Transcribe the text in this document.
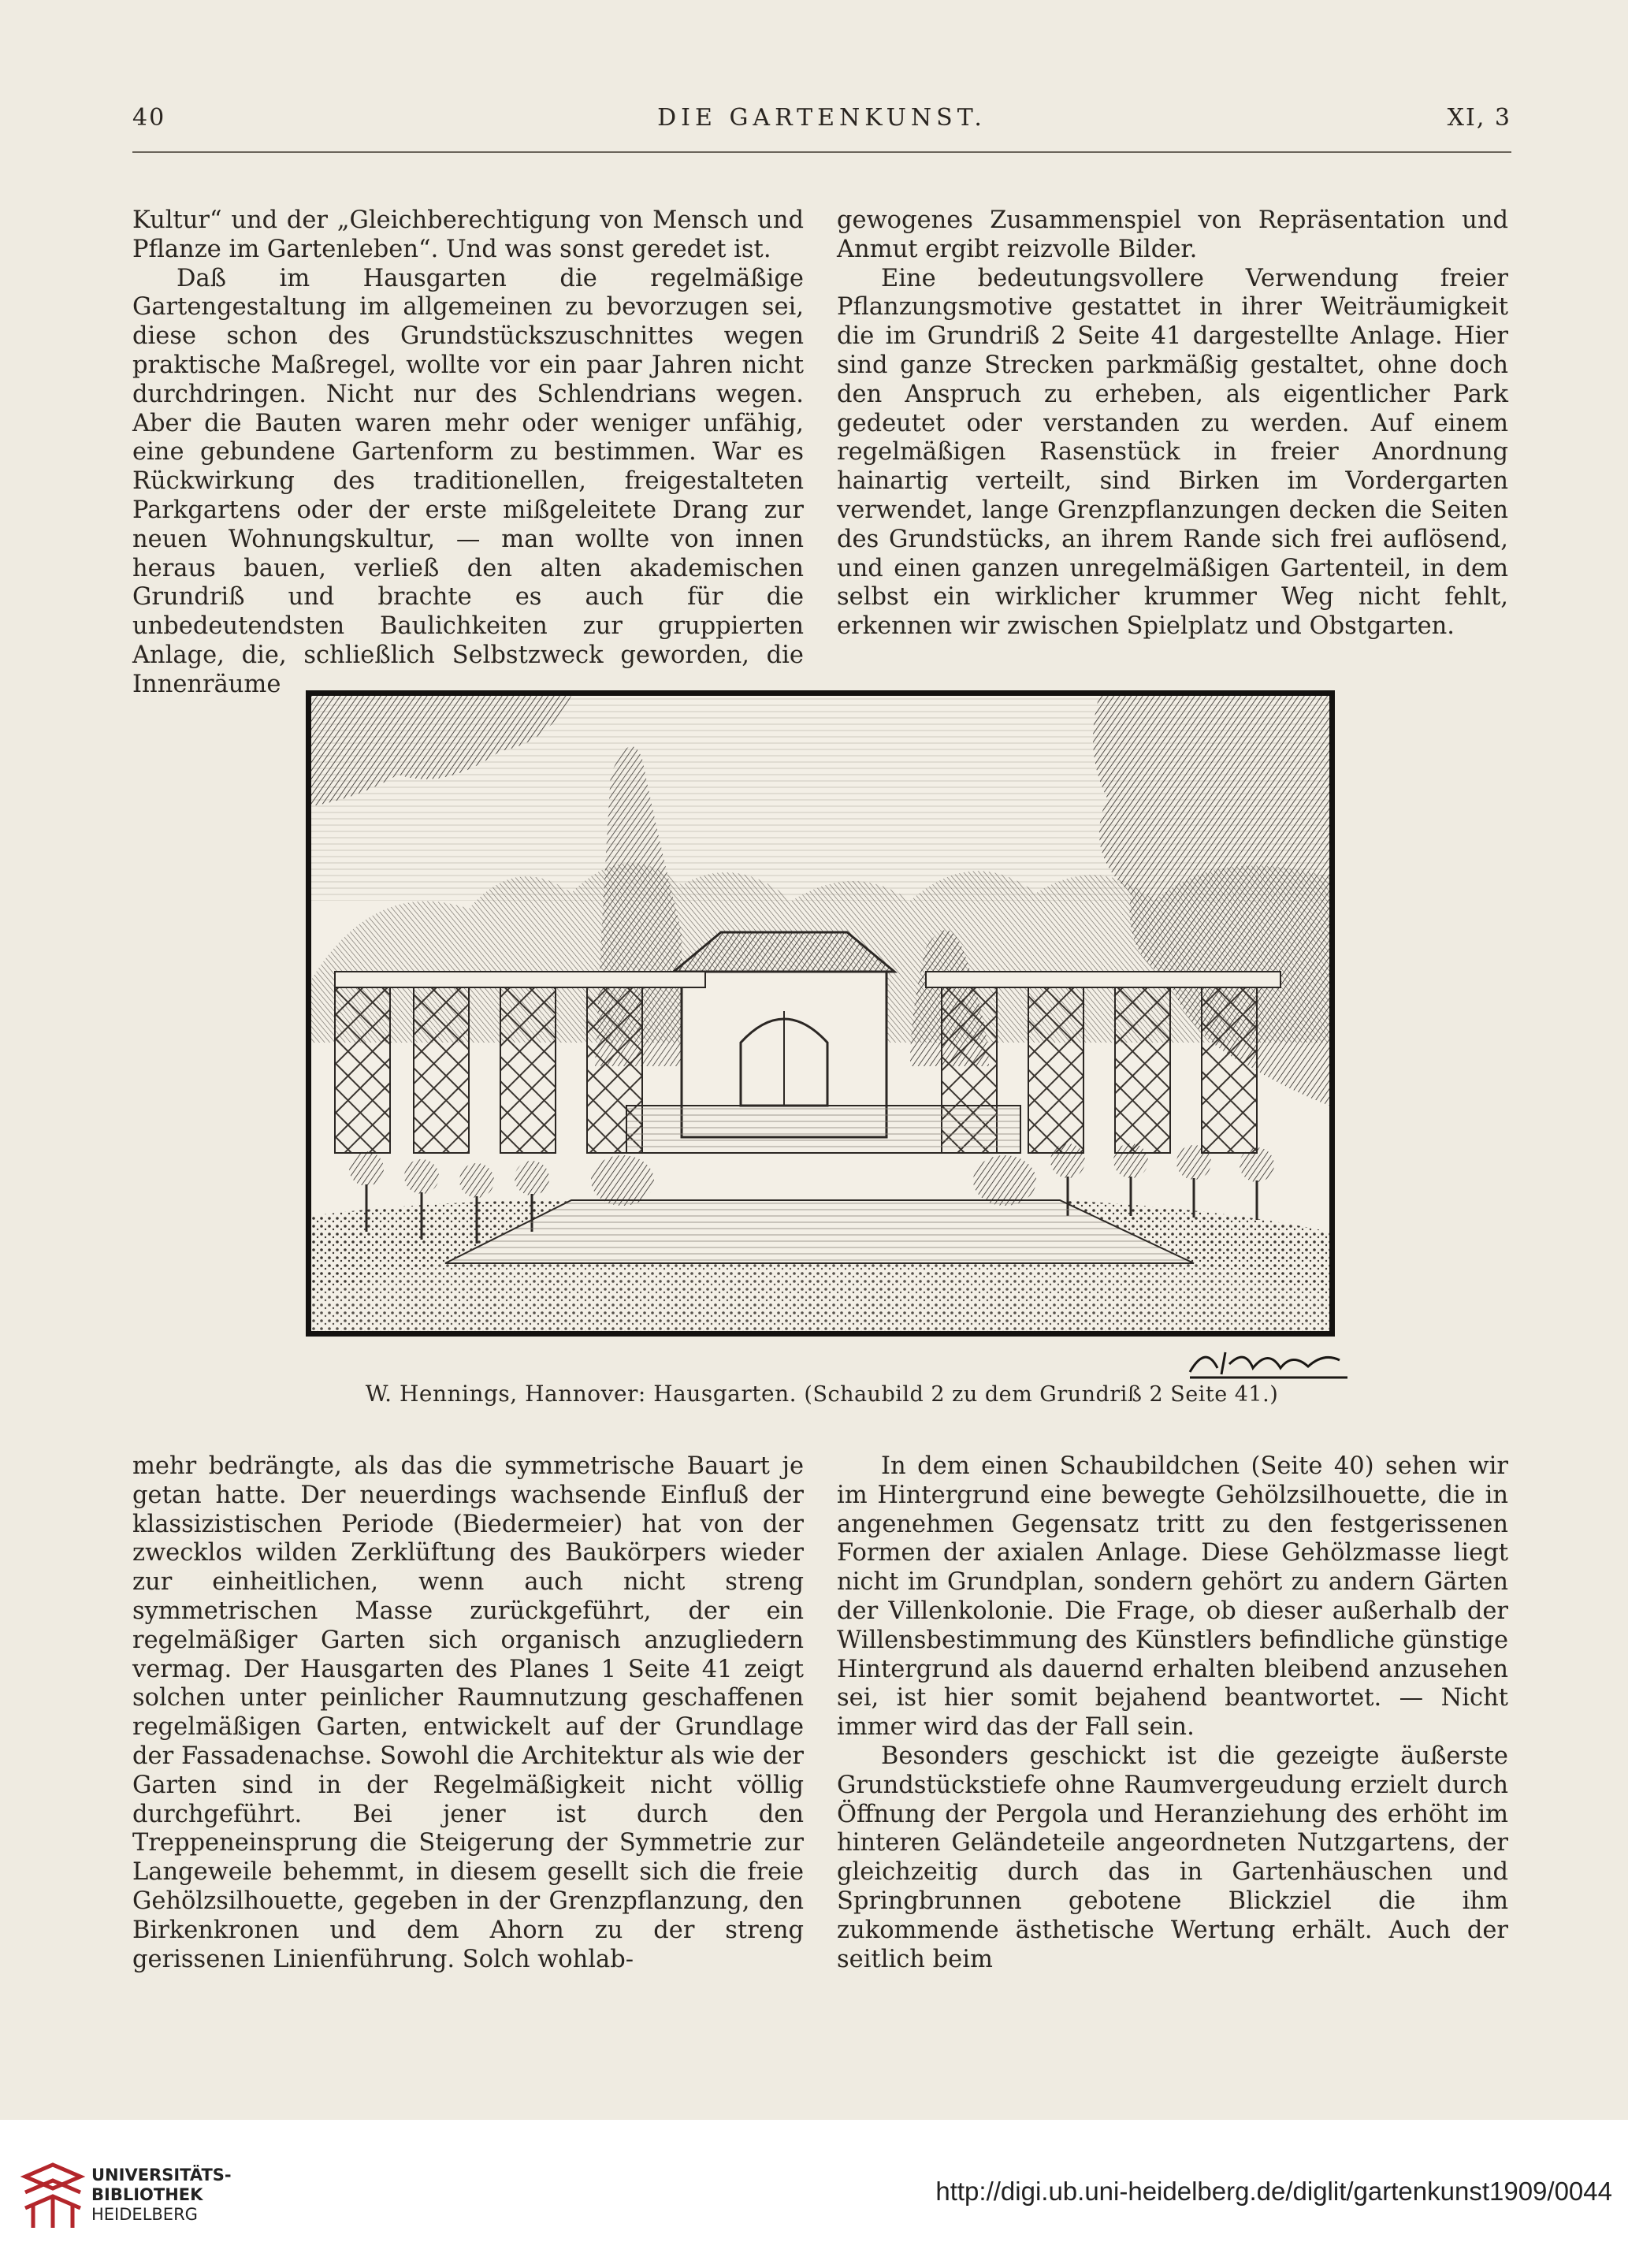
40	DIE GARTENKUNST.	XI, 3

Kultur“ und der „Gleichberechtigung von Mensch und Pflanze im Gartenleben“. Und was sonst geredet ist.

Daß im Hausgarten die regelmäßige Gartengestaltung im allgemeinen zu bevorzugen sei, diese schon des Grundstückszuschnittes wegen praktische Maßregel, wollte vor ein paar Jahren nicht durchdringen. Nicht nur des Schlendrians wegen. Aber die Bauten waren mehr oder weniger unfähig, eine gebundene Gartenform zu bestimmen. War es Rückwirkung des traditionellen, freigestalteten Parkgartens oder der erste mißgeleitete Drang zur neuen Wohnungskultur, — man wollte von innen heraus bauen, verließ den alten akademischen Grundriß und brachte es auch für die unbedeutendsten Baulichkeiten zur gruppierten Anlage, die, schließlich Selbstzweck geworden, die Innenräume

gewogenes Zusammenspiel von Repräsentation und Anmut ergibt reizvolle Bilder.

Eine bedeutungsvollere Verwendung freier Pflanzungsmotive gestattet in ihrer Weiträumigkeit die im Grundriß 2 Seite 41 dargestellte Anlage. Hier sind ganze Strecken parkmäßig gestaltet, ohne doch den Anspruch zu erheben, als eigentlicher Park gedeutet oder verstanden zu werden. Auf einem regelmäßigen Rasenstück in freier Anordnung hainartig verteilt, sind Birken im Vordergarten verwendet, lange Grenzpflanzungen decken die Seiten des Grundstücks, an ihrem Rande sich frei auflösend, und einen ganzen unregelmäßigen Gartenteil, in dem selbst ein wirklicher krummer Weg nicht fehlt, erkennen wir zwischen Spielplatz und Obstgarten.

W. Hennings, Hannover: Hausgarten. (Schaubild 2 zu dem Grundriß 2 Seite 41.)

mehr bedrängte, als das die symmetrische Bauart je getan hatte. Der neuerdings wachsende Einfluß der klassizistischen Periode (Biedermeier) hat von der zwecklos wilden Zerklüftung des Baukörpers wieder zur einheitlichen, wenn auch nicht streng symmetrischen Masse zurückgeführt, der ein regelmäßiger Garten sich organisch anzugliedern vermag. Der Hausgarten des Planes 1 Seite 41 zeigt solchen unter peinlicher Raumnutzung geschaffenen regelmäßigen Garten, entwickelt auf der Grundlage der Fassadenachse. Sowohl die Architektur als wie der Garten sind in der Regelmäßigkeit nicht völlig durchgeführt. Bei jener ist durch den Treppeneinsprung die Steigerung der Symmetrie zur Langeweile behemmt, in diesem gesellt sich die freie Gehölzsilhouette, gegeben in der Grenzpflanzung, den Birkenkronen und dem Ahorn zu der streng gerissenen Linienführung. Solch wohlab-

In dem einen Schaubildchen (Seite 40) sehen wir im Hintergrund eine bewegte Gehölzsilhouette, die in angenehmen Gegensatz tritt zu den festgerissenen Formen der axialen Anlage. Diese Gehölzmasse liegt nicht im Grundplan, sondern gehört zu andern Gärten der Villenkolonie. Die Frage, ob dieser außerhalb der Willensbestimmung des Künstlers befindliche günstige Hintergrund als dauernd erhalten bleibend anzusehen sei, ist hier somit bejahend beantwortet. — Nicht immer wird das der Fall sein.

Besonders geschickt ist die gezeigte äußerste Grundstückstiefe ohne Raumvergeudung erzielt durch Öffnung der Pergola und Heranziehung des erhöht im hinteren Geländeteile angeordneten Nutzgartens, der gleichzeitig durch das in Gartenhäuschen und Springbrunnen gebotene Blickziel die ihm zukommende ästhetische Wertung erhält. Auch der seitlich beim

UNIVERSITÄTS-
BIBLIOTHEK
HEIDELBERG
http://digi.ub.uni-heidelberg.de/diglit/gartenkunst1909/0044
